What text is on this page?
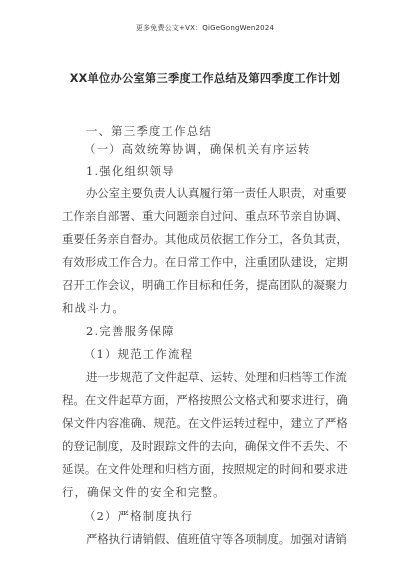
更多免费公文+VX：QiGeGongWen2024
XX单位办公室第三季度工作总结及第四季度工作计划
一、第三季度工作总结
（一）高效统筹协调，确保机关有序运转
1.强化组织领导
办公室主要负责人认真履行第一责任人职责，对重要
工作亲自部署、重大问题亲自过问、重点环节亲自协调、
重要任务亲自督办。其他成员依据工作分工，各负其责，
有效形成工作合力。在日常工作中，注重团队建设，定期
召开工作会议，明确工作目标和任务，提高团队的凝聚力
和战斗力。
2.完善服务保障
（1）规范工作流程
进一步规范了文件起草、运转、处理和归档等工作流
程。在文件起草方面，严格按照公文格式和要求进行，确
保文件内容准确、规范。在文件运转过程中，建立了严格
的登记制度，及时跟踪文件的去向，确保文件不丢失、不
延误。在文件处理和归档方面，按照规定的时间和要求进
行，确保文件的安全和完整。
（2）严格制度执行
严格执行请销假、值班值守等各项制度。加强对请销
